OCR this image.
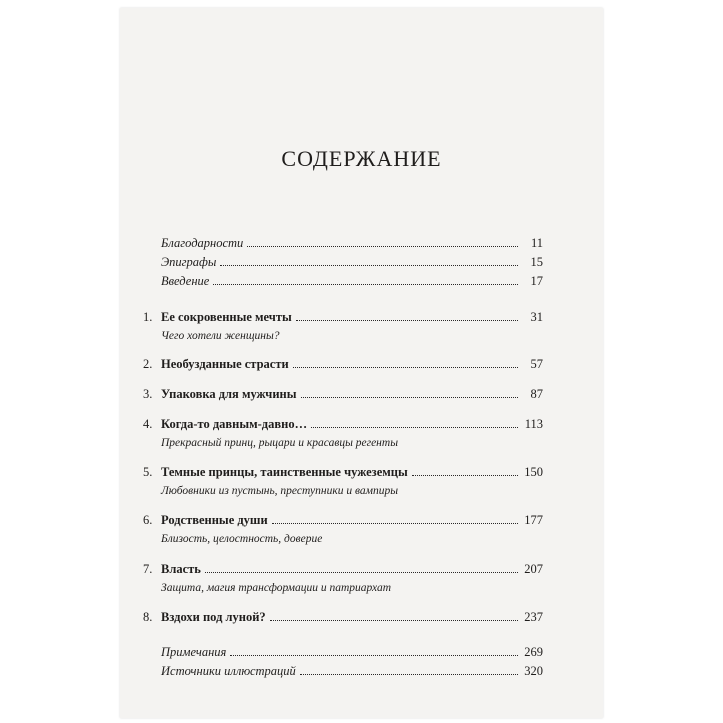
СОДЕРЖАНИЕ
Благодарности	11
Эпиграфы	15
Введение	17
1. Ее сокровенные мечты	31
Чего хотели женщины?
2. Необузданные страсти	57
3. Упаковка для мужчины	87
4. Когда-то давным-давно…	113
Прекрасный принц, рыцари и красавцы регенты
5. Темные принцы, таинственные чужеземцы	150
Любовники из пустынь, преступники и вампиры
6. Родственные души	177
Близость, целостность, доверие
7. Власть	207
Защита, магия трансформации и патриархат
8. Вздохи под луной?	237
Примечания	269
Источники иллюстраций	320
